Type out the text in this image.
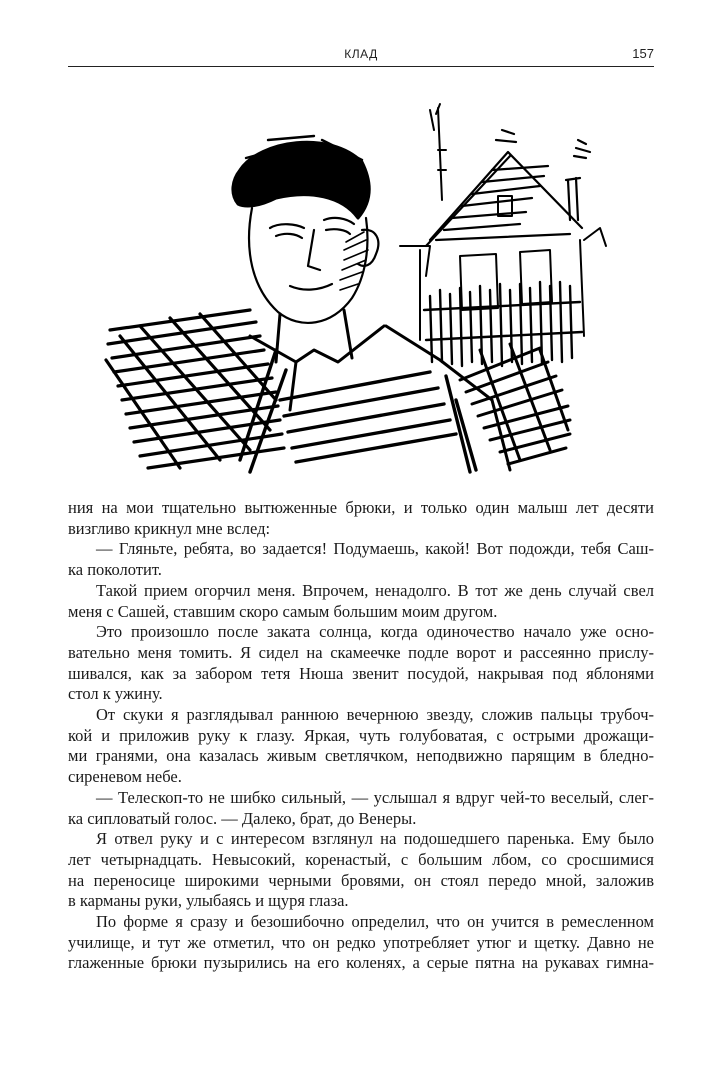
КЛАД	157

ния на мои тщательно вытюженные брюки, и только один малыш лет десяти

визгливо крикнул мне вслед:

— Гляньте, ребята, во задается! Подумаешь, какой! Вот подожди, тебя Саш-

ка поколотит.

Такой прием огорчил меня. Впрочем, ненадолго. В тот же день случай свел

меня с Сашей, ставшим скоро самым большим моим другом.

Это произошло после заката солнца, когда одиночество начало уже осно-

вательно меня томить. Я сидел на скамеечке подле ворот и рассеянно прислу-

шивался, как за забором тетя Нюша звенит посудой, накрывая под яблонями

стол к ужину.

От скуки я разглядывал раннюю вечернюю звезду, сложив пальцы трубоч-

кой и приложив руку к глазу. Яркая, чуть голубоватая, с острыми дрожащи-

ми гранями, она казалась живым светлячком, неподвижно парящим в бледно-

сиреневом небе.

— Телескоп-то не шибко сильный, — услышал я вдруг чей-то веселый, слег-

ка сипловатый голос. — Далеко, брат, до Венеры.

Я отвел руку и с интересом взглянул на подошедшего паренька. Ему было

лет четырнадцать. Невысокий, коренастый, с большим лбом, со сросшимися

на переносице широкими черными бровями, он стоял передо мной, заложив

в карманы руки, улыбаясь и щуря глаза.

По форме я сразу и безошибочно определил, что он учится в ремесленном

училище, и тут же отметил, что он редко употребляет утюг и щетку. Давно не

глаженные брюки пузырились на его коленях, а серые пятна на рукавах гимна-
